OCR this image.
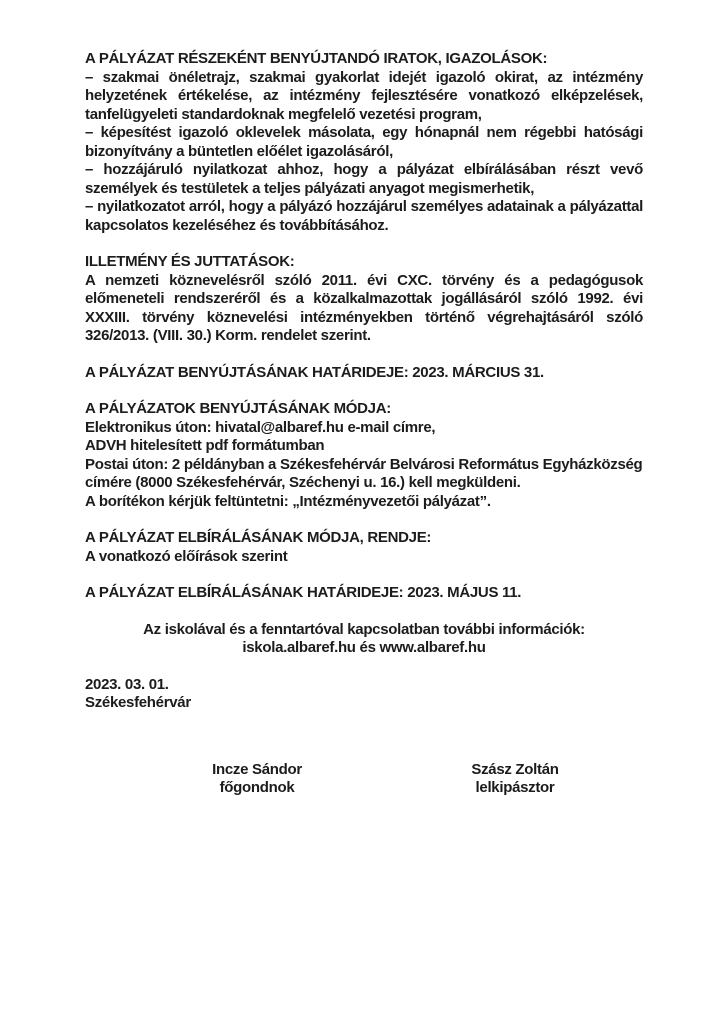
A PÁLYÁZAT RÉSZEKÉNT BENYÚJTANDÓ IRATOK, IGAZOLÁSOK:

– szakmai önéletrajz, szakmai gyakorlat idejét igazoló okirat, az intézmény helyzetének értékelése, az intézmény fejlesztésére vonatkozó elképzelések, tanfelügyeleti standardoknak megfelelő vezetési program,

– képesítést igazoló oklevelek másolata, egy hónapnál nem régebbi hatósági bizonyítvány a büntetlen előélet igazolásáról,

– hozzájáruló nyilatkozat ahhoz, hogy a pályázat elbírálásában részt vevő személyek és testületek a teljes pályázati anyagot megismerhetik,

– nyilatkozatot arról, hogy a pályázó hozzájárul személyes adatainak a pályázattal kapcsolatos kezeléséhez és továbbításához.

ILLETMÉNY ÉS JUTTATÁSOK:

A nemzeti köznevelésről szóló 2011. évi CXC. törvény és a pedagógusok előmeneteli rendszeréről és a közalkalmazottak jogállásáról szóló 1992. évi XXXIII. törvény köznevelési intézményekben történő végrehajtásáról szóló 326/2013. (VIII. 30.) Korm. rendelet szerint.

A PÁLYÁZAT BENYÚJTÁSÁNAK HATÁRIDEJE: 2023. MÁRCIUS 31.

A PÁLYÁZATOK BENYÚJTÁSÁNAK MÓDJA:

Elektronikus úton: hivatal@albaref.hu e-mail címre,

ADVH hitelesített pdf formátumban

Postai úton: 2 példányban a Székesfehérvár Belvárosi Református Egyházközség címére (8000 Székesfehérvár, Széchenyi u. 16.) kell megküldeni.

A borítékon kérjük feltüntetni: „Intézményvezetői pályázat”.

A PÁLYÁZAT ELBÍRÁLÁSÁNAK MÓDJA, RENDJE:

A vonatkozó előírások szerint

A PÁLYÁZAT ELBÍRÁLÁSÁNAK HATÁRIDEJE: 2023. MÁJUS 11.

Az iskolával és a fenntartóval kapcsolatban további információk:

iskola.albaref.hu és www.albaref.hu

2023. 03. 01.

Székesfehérvár

Incze Sándor

főgondnok

Szász Zoltán

lelkipásztor
